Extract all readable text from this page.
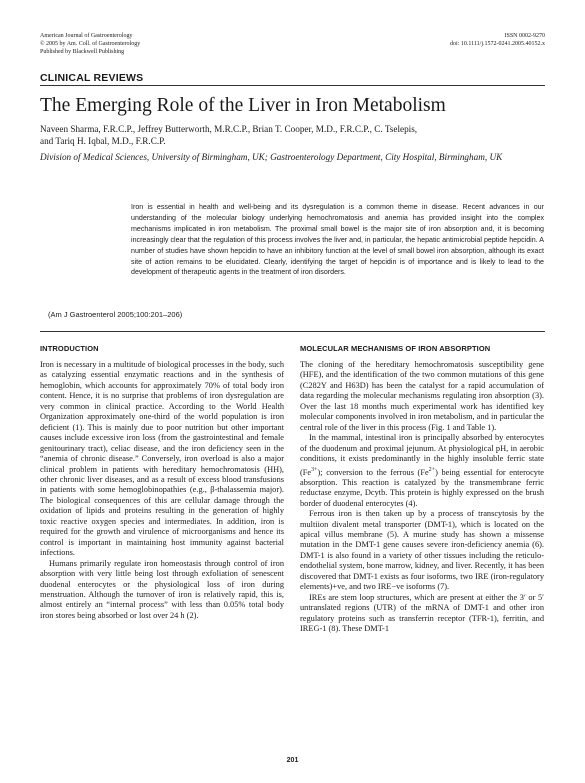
American Journal of Gastroenterology
© 2005 by Am. Coll. of Gastroenterology
Published by Blackwell Publishing
ISSN 0002-9270
doi: 10.1111/j.1572-0241.2005.40152.x
CLINICAL REVIEWS
The Emerging Role of the Liver in Iron Metabolism
Naveen Sharma, F.R.C.P., Jeffrey Butterworth, M.R.C.P., Brian T. Cooper, M.D., F.R.C.P., C. Tselepis,
and Tariq H. Iqbal, M.D., F.R.C.P.
Division of Medical Sciences, University of Birmingham, UK; Gastroenterology Department, City Hospital, Birmingham, UK
Iron is essential in health and well-being and its dysregulation is a common theme in disease. Recent advances in our understanding of the molecular biology underlying hemochromatosis and anemia has provided insight into the complex mechanisms implicated in iron metabolism. The proximal small bowel is the major site of iron absorption and, it is becoming increasingly clear that the regulation of this process involves the liver and, in particular, the hepatic antimicrobial peptide hepcidin. A number of studies have shown hepcidin to have an inhibitory function at the level of small bowel iron absorption, although its exact site of action remains to be elucidated. Clearly, identifying the target of hepcidin is of importance and is likely to lead to the development of therapeutic agents in the treatment of iron disorders.
(Am J Gastroenterol 2005;100:201–206)
INTRODUCTION

Iron is necessary in a multitude of biological processes in the body, such as catalyzing essential enzymatic reactions and in the synthesis of hemoglobin, which accounts for approximately 70% of total body iron content. Hence, it is no surprise that problems of iron dysregulation are very common in clinical practice. According to the World Health Organization approximately one-third of the world population is iron deficient (1). This is mainly due to poor nutrition but other important causes include excessive iron loss (from the gastrointestinal and female genitourinary tract), celiac disease, and the iron deficiency seen in the “anemia of chronic disease.” Conversely, iron overload is also a major clinical problem in patients with hereditary hemochromatosis (HH), other chronic liver diseases, and as a result of excess blood transfusions in patients with some hemoglobinopathies (e.g., β-thalassemia major). The biological consequences of this are cellular damage through the oxidation of lipids and proteins resulting in the generation of highly toxic reactive oxygen species and intermediates. In addition, iron is required for the growth and virulence of microorganisms and hence its control is important in maintaining host immunity against bacterial infections.

Humans primarily regulate iron homeostasis through control of iron absorption with very little being lost through exfoliation of senescent duodenal enterocytes or the physiological loss of iron during menstruation. Although the turnover of iron is relatively rapid, this is, almost entirely an “internal process” with less than 0.05% total body iron stores being absorbed or lost over 24 h (2).

MOLECULAR MECHANISMS OF IRON ABSORPTION

The cloning of the hereditary hemochromatosis susceptibility gene (HFE), and the identification of the two common mutations of this gene (C282Y and H63D) has been the catalyst for a rapid accumulation of data regarding the molecular mechanisms regulating iron absorption (3). Over the last 18 months much experimental work has identified key molecular components involved in iron metabolism, and in particular the central role of the liver in this process (Fig. 1 and Table 1).

In the mammal, intestinal iron is principally absorbed by enterocytes of the duodenum and proximal jejunum. At physiological pH, in aerobic conditions, it exists predominantly in the highly insoluble ferric state $(Fe^{3+})$; conversion to the ferrous $(Fe^{2+})$ being essential for enterocyte absorption. This reaction is catalyzed by the transmembrane ferric reductase enzyme, Dcytb. This protein is highly expressed on the brush border of duodenal enterocytes (4).

Ferrous iron is then taken up by a process of transcytosis by the multiion divalent metal transporter (DMT-1), which is located on the apical villus membrane (5). A murine study has shown a missense mutation in the DMT-1 gene causes severe iron-deficiency anemia (6). DMT-1 is also found in a variety of other tissues including the reticulo-endothelial system, bone marrow, kidney, and liver. Recently, it has been discovered that DMT-1 exists as four isoforms, two IRE (iron-regulatory elements)+ve, and two IRE−ve isoforms (7).

IREs are stem loop structures, which are present at either the 3′ or 5′ untranslated regions (UTR) of the mRNA of DMT-1 and other iron regulatory proteins such as transferrin receptor (TFR-1), ferritin, and IREG-1 (8). These DMT-1

201
